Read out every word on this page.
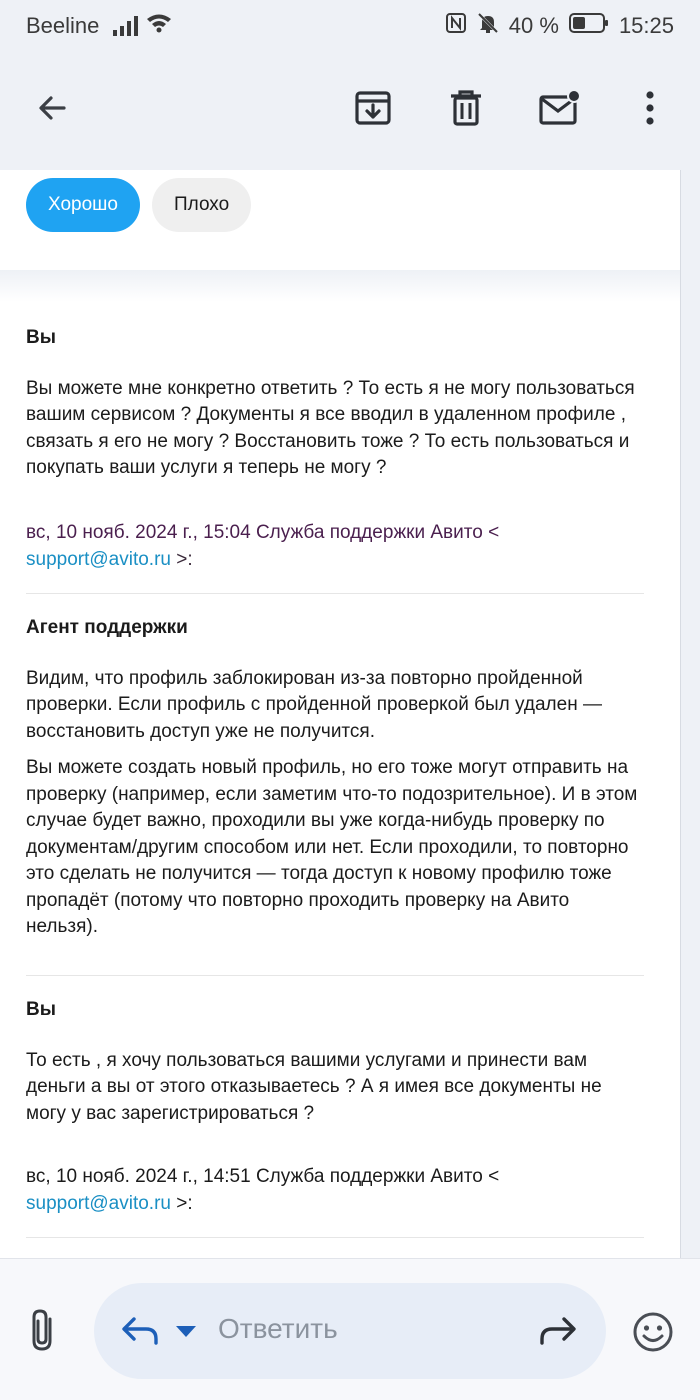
Beeline	40 %	15:25
Хорошо	Плохо
Вы

Вы можете мне конкретно ответить ? То есть я не могу пользоваться вашим сервисом ? Документы я все вводил в удаленном профиле , связать я его не могу ? Восстановить тоже ? То есть пользоваться и покупать ваши услуги я теперь не могу ?

вс, 10 нояб. 2024 г., 15:04 Служба поддержки Авито <
support@avito.ru >:
Агент поддержки

Видим, что профиль заблокирован из-за повторно пройденной проверки. Если профиль с пройденной проверкой был удален — восстановить доступ уже не получится.

Вы можете создать новый профиль, но его тоже могут отправить на проверку (например, если заметим что-то подозрительное). И в этом случае будет важно, проходили вы уже когда-нибудь проверку по документам/другим способом или нет. Если проходили, то повторно это сделать не получится — тогда доступ к новому профилю тоже пропадёт (потому что повторно проходить проверку на Авито нельзя).

Вы

То есть , я хочу пользоваться вашими услугами и принести вам деньги а вы от этого отказываетесь ? А я имея все документы не могу у вас зарегистрироваться ?

вс, 10 нояб. 2024 г., 14:51 Служба поддержки Авито <
support@avito.ru >:
Ответить
